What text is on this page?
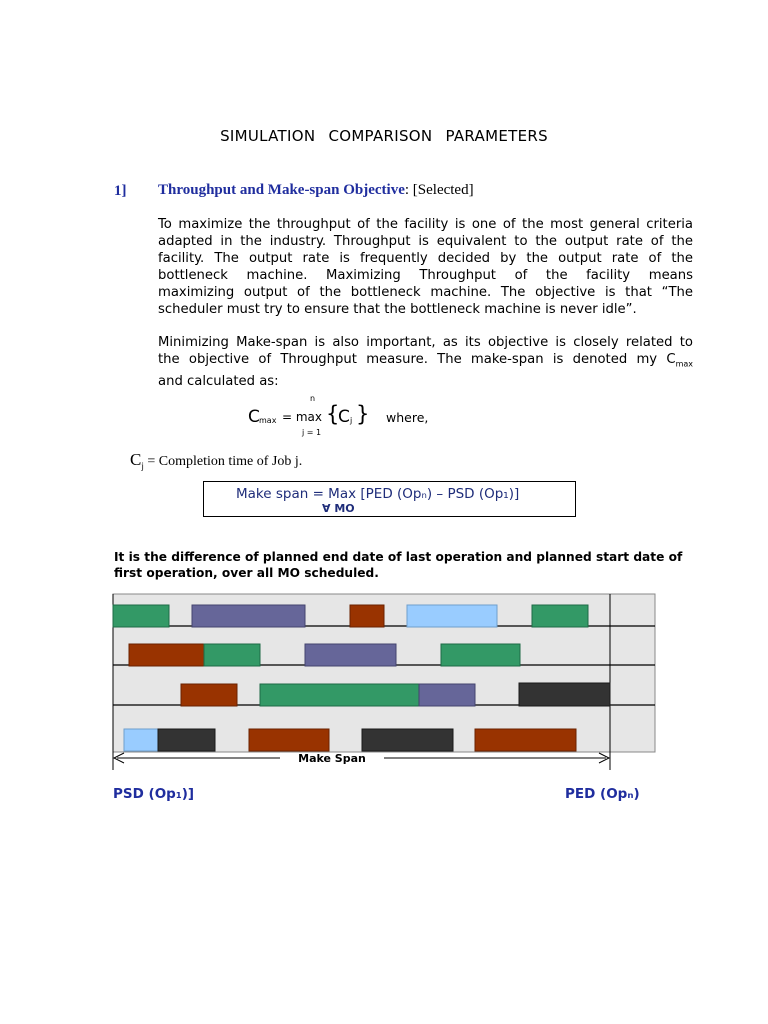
SIMULATION COMPARISON PARAMETERS
1] Throughput and Make-span Objective: [Selected]
To maximize the throughput of the facility is one of the most general criteria
adapted in the industry. Throughput is equivalent to the output rate of the
facility. The output rate is frequently decided by the output rate of the
bottleneck machine. Maximizing Throughput of the facility means
maximizing output of the bottleneck machine. The objective is that “The
scheduler must try to ensure that the bottleneck machine is never idle”.
Minimizing Make-span is also important, as its objective is closely related to
the objective of Throughput measure. The make-span is denoted my $C_{max}$
and calculated as:
C max = max
n
j = 1
{
C j } where,
$C_j$ = Completion time of Job j.
Make span = Max [PED (Opₙ) – PSD (Op₁)]
∀ MO
It is the difference of planned end date of last operation and planned start date of first operation, over all MO scheduled.
Make Span
PSD (Op₁)]	PED (Opₙ)
